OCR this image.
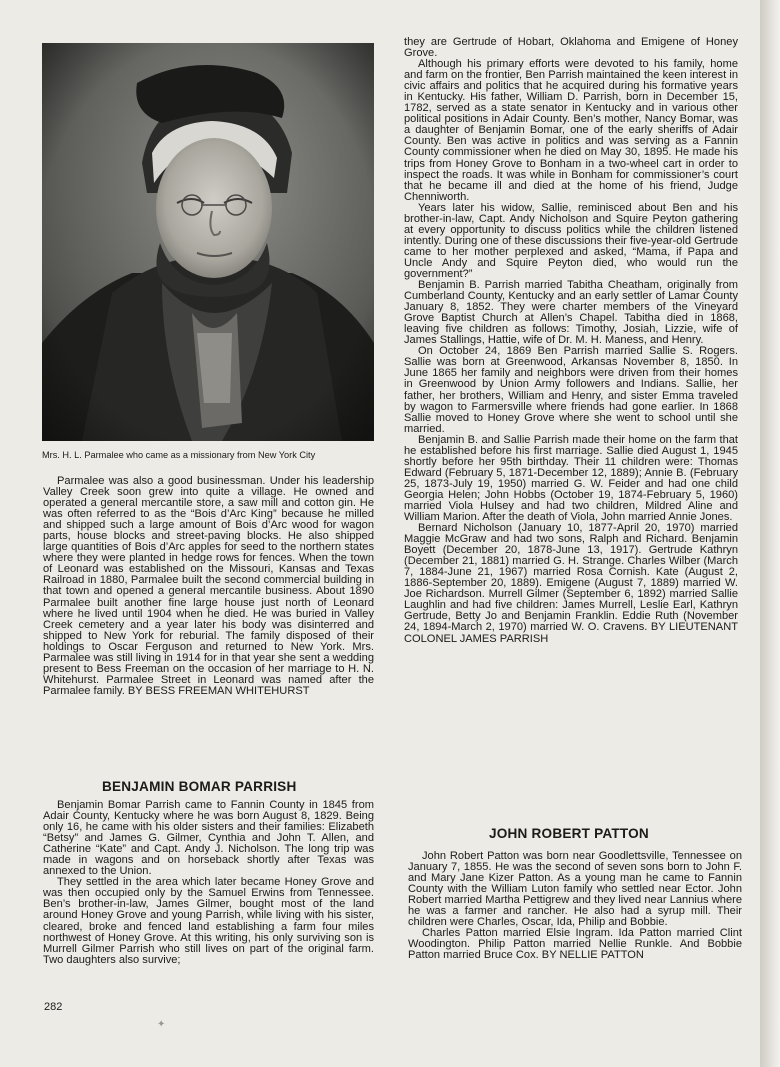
Mrs. H. L. Parmalee who came as a missionary from New York City

Parmalee was also a good businessman. Under his leadership Valley Creek soon grew into quite a village. He owned and operated a general mercantile store, a saw mill and cotton gin. He was often referred to as the “Bois d’Arc King” because he milled and shipped such a large amount of Bois d’Arc wood for wagon parts, house blocks and street-paving blocks. He also shipped large quantities of Bois d’Arc apples for seed to the northern states where they were planted in hedge rows for fences. When the town of Leonard was established on the Missouri, Kansas and Texas Railroad in 1880, Parmalee built the second commercial building in that town and opened a general mercantile business. About 1890 Parmalee built another fine large house just north of Leonard where he lived until 1904 when he died. He was buried in Valley Creek cemetery and a year later his body was disinterred and shipped to New York for reburial. The family disposed of their holdings to Oscar Ferguson and returned to New York. Mrs. Parmalee was still living in 1914 for in that year she sent a wedding present to Bess Freeman on the occasion of her marriage to H. N. Whitehurst. Parmalee Street in Leonard was named after the Parmalee family. BY BESS FREEMAN WHITEHURST

BENJAMIN BOMAR PARRISH

Benjamin Bomar Parrish came to Fannin County in 1845 from Adair County, Kentucky where he was born August 8, 1829. Being only 16, he came with his older sisters and their families: Elizabeth “Betsy” and James G. Gilmer, Cynthia and John T. Allen, and Catherine “Kate” and Capt. Andy J. Nicholson. The long trip was made in wagons and on horseback shortly after Texas was annexed to the Union.

They settled in the area which later became Honey Grove and was then occupied only by the Samuel Erwins from Tennessee. Ben’s brother-in-law, James Gilmer, bought most of the land around Honey Grove and young Parrish, while living with his sister, cleared, broke and fenced land establishing a farm four miles northwest of Honey Grove. At this writing, his only surviving son is Murrell Gilmer Parrish who still lives on part of the original farm. Two daughters also survive;

they are Gertrude of Hobart, Oklahoma and Emigene of Honey Grove.

Although his primary efforts were devoted to his family, home and farm on the frontier, Ben Parrish maintained the keen interest in civic affairs and politics that he acquired during his formative years in Kentucky. His father, William D. Parrish, born in December 15, 1782, served as a state senator in Kentucky and in various other political positions in Adair County. Ben’s mother, Nancy Bomar, was a daughter of Benjamin Bomar, one of the early sheriffs of Adair County. Ben was active in politics and was serving as a Fannin County commissioner when he died on May 30, 1895. He made his trips from Honey Grove to Bonham in a two-wheel cart in order to inspect the roads. It was while in Bonham for commissioner’s court that he became ill and died at the home of his friend, Judge Chenniworth.

Years later his widow, Sallie, reminisced about Ben and his brother-in-law, Capt. Andy Nicholson and Squire Peyton gathering at every opportunity to discuss politics while the children listened intently. During one of these discussions their five-year-old Gertrude came to her mother perplexed and asked, “Mama, if Papa and Uncle Andy and Squire Peyton died, who would run the government?”

Benjamin B. Parrish married Tabitha Cheatham, originally from Cumberland County, Kentucky and an early settler of Lamar County January 8, 1852. They were charter members of the Vineyard Grove Baptist Church at Allen’s Chapel. Tabitha died in 1868, leaving five children as follows: Timothy, Josiah, Lizzie, wife of James Stallings, Hattie, wife of Dr. M. H. Maness, and Henry.

On October 24, 1869 Ben Parrish married Sallie S. Rogers. Sallie was born at Greenwood, Arkansas November 8, 1850. In June 1865 her family and neighbors were driven from their homes in Greenwood by Union Army followers and Indians. Sallie, her father, her brothers, William and Henry, and sister Emma traveled by wagon to Farmersville where friends had gone earlier. In 1868 Sallie moved to Honey Grove where she went to school until she married.

Benjamin B. and Sallie Parrish made their home on the farm that he established before his first marriage. Sallie died August 1, 1945 shortly before her 95th birthday. Their 11 children were: Thomas Edward (February 5, 1871-December 12, 1889); Annie B. (February 25, 1873-July 19, 1950) married G. W. Feider and had one child Georgia Helen; John Hobbs (October 19, 1874-February 5, 1960) married Viola Hulsey and had two children, Mildred Aline and William Marion. After the death of Viola, John married Annie Jones.

Bernard Nicholson (January 10, 1877-April 20, 1970) married Maggie McGraw and had two sons, Ralph and Richard. Benjamin Boyett (December 20, 1878-June 13, 1917). Gertrude Kathryn (December 21, 1881) married G. H. Strange. Charles Wilber (March 7, 1884-June 21, 1967) married Rosa Cornish. Kate (August 2, 1886-September 20, 1889). Emigene (August 7, 1889) married W. Joe Richardson. Murrell Gilmer (September 6, 1892) married Sallie Laughlin and had five children: James Murrell, Leslie Earl, Kathryn Gertrude, Betty Jo and Benjamin Franklin. Eddie Ruth (November 24, 1894-March 2, 1970) married W. O. Cravens. BY LIEUTENANT COLONEL JAMES PARRISH

JOHN ROBERT PATTON

John Robert Patton was born near Goodlettsville, Tennessee on January 7, 1855. He was the second of seven sons born to John F. and Mary Jane Kizer Patton. As a young man he came to Fannin County with the William Luton family who settled near Ector. John Robert married Martha Pettigrew and they lived near Lannius where he was a farmer and rancher. He also had a syrup mill. Their children were Charles, Oscar, Ida, Philip and Bobbie.

Charles Patton married Elsie Ingram. Ida Patton married Clint Woodington. Philip Patton married Nellie Runkle. And Bobbie Patton married Bruce Cox. BY NELLIE PATTON

282
✦
